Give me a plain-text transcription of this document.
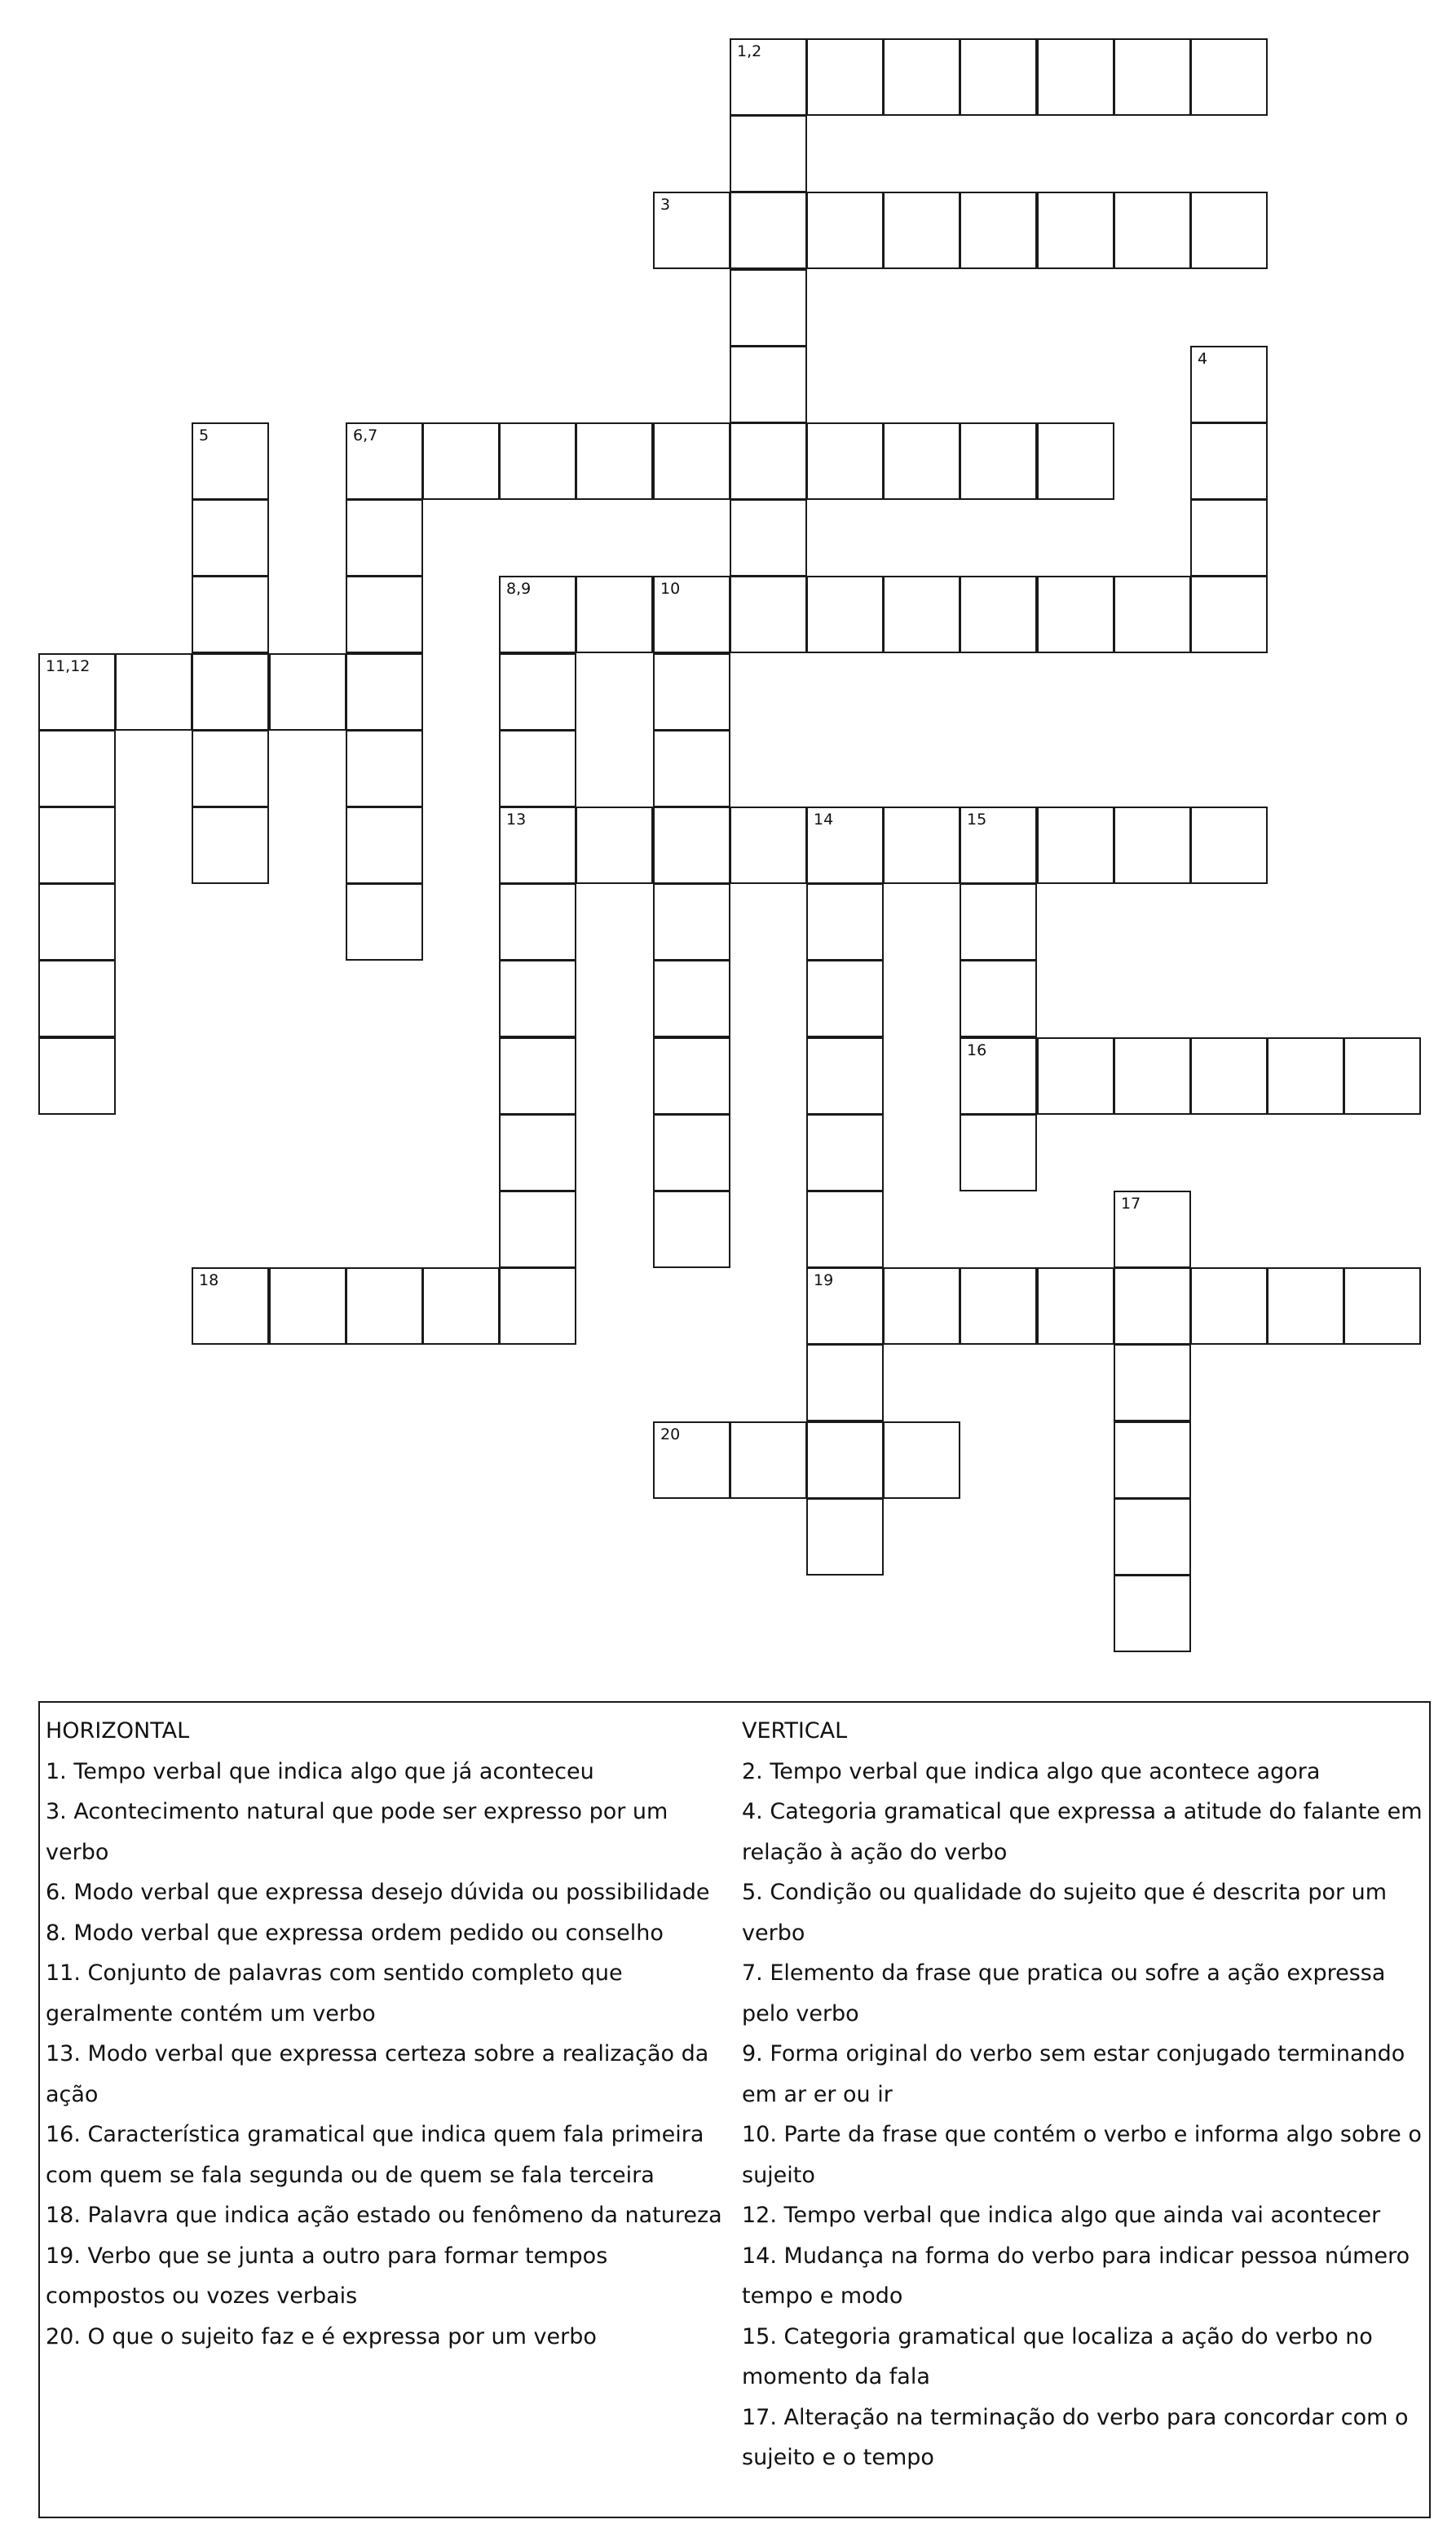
1,2
3
4
5	6,7
8,9	10
11,12
13	14	15
16
17
18	19
20

HORIZONTAL

1. Tempo verbal que indica algo que já aconteceu

3. Acontecimento natural que pode ser expresso por um verbo

6. Modo verbal que expressa desejo dúvida ou possibilidade

8. Modo verbal que expressa ordem pedido ou conselho

11. Conjunto de palavras com sentido completo que geralmente contém um verbo

13. Modo verbal que expressa certeza sobre a realização da ação

16. Característica gramatical que indica quem fala primeira com quem se fala segunda ou de quem se fala terceira

18. Palavra que indica ação estado ou fenômeno da natureza

19. Verbo que se junta a outro para formar tempos compostos ou vozes verbais

20. O que o sujeito faz e é expressa por um verbo

VERTICAL

2. Tempo verbal que indica algo que acontece agora

4. Categoria gramatical que expressa a atitude do falante em relação à ação do verbo

5. Condição ou qualidade do sujeito que é descrita por um verbo

7. Elemento da frase que pratica ou sofre a ação expressa pelo verbo

9. Forma original do verbo sem estar conjugado terminando em ar er ou ir

10. Parte da frase que contém o verbo e informa algo sobre o sujeito

12. Tempo verbal que indica algo que ainda vai acontecer

14. Mudança na forma do verbo para indicar pessoa número tempo e modo

15. Categoria gramatical que localiza a ação do verbo no momento da fala

17. Alteração na terminação do verbo para concordar com o sujeito e o tempo
